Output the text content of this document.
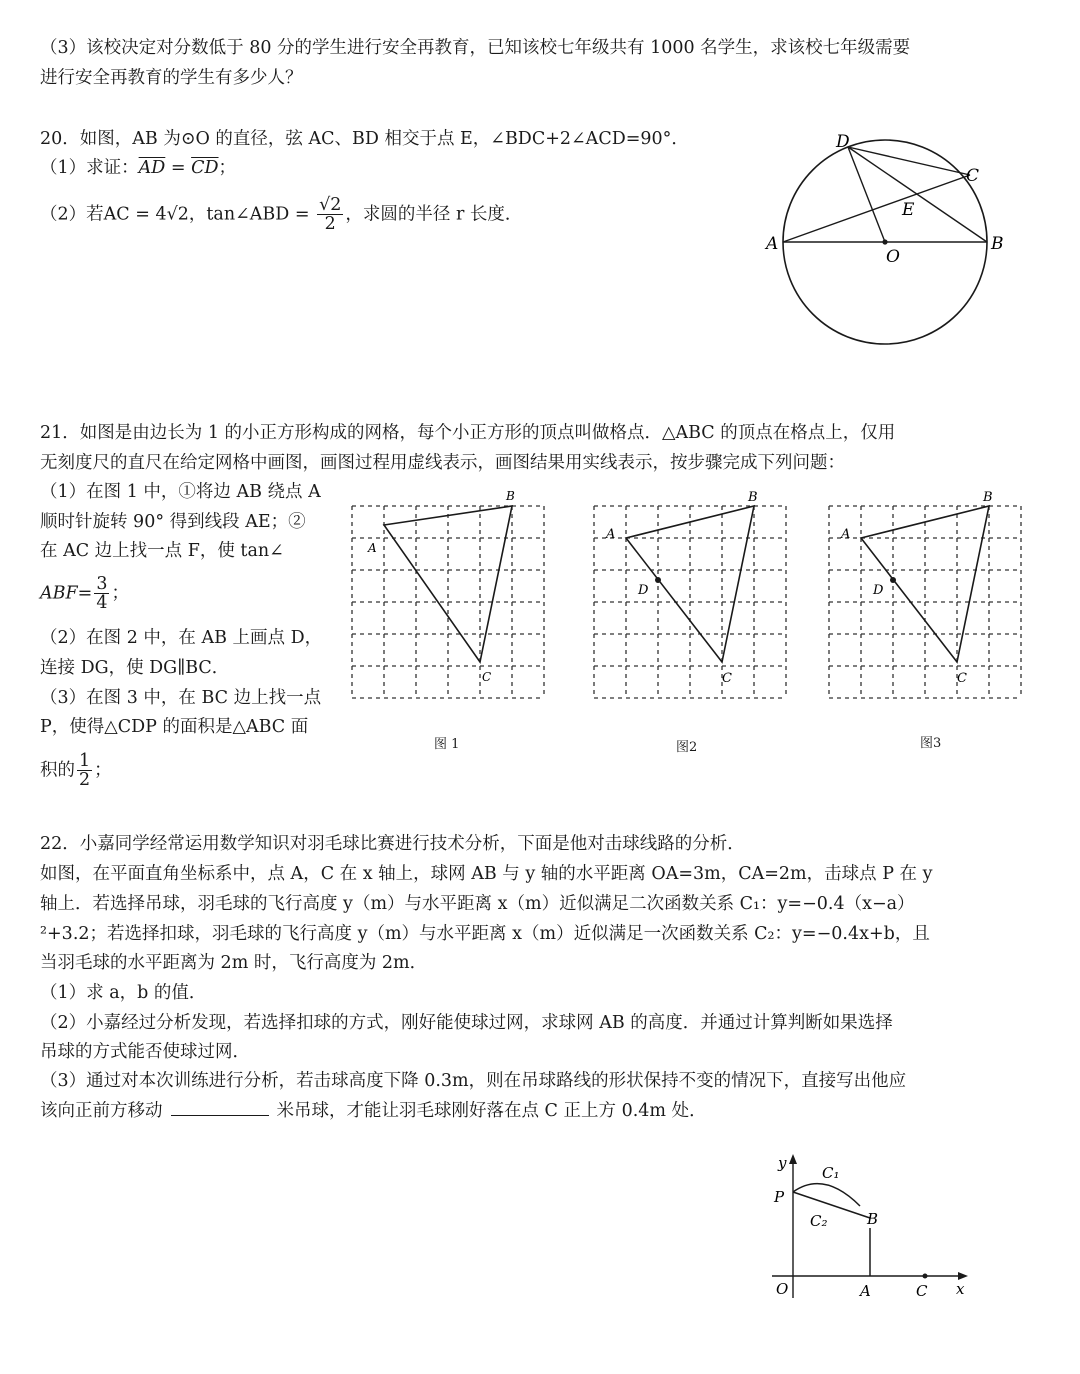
（3）该校决定对分数低于 80 分的学生进行安全再教育，已知该校七年级共有 1000 名学生，求该校七年级需要
进行安全再教育的学生有多少人？
20．如图，AB 为⊙O 的直径，弦 AC、BD 相交于点 E，∠BDC+2∠ACD=90°．
（1）求证：$\overline{AD} = \overline{CD}$；
（2）若AC = 4√2，tan∠ABD = $\frac{√2}{2}$ ，求圆的半径 r 长度．
D
C
E
A
O
B
21．如图是由边长为 1 的小正方形构成的网格，每个小正方形的顶点叫做格点．△ABC 的顶点在格点上，仅用
无刻度尺的直尺在给定网格中画图，画图过程用虚线表示，画图结果用实线表示，按步骤完成下列问题：
（1）在图 1 中，①将边 AB 绕点 A
顺时针旋转 90° 得到线段 AE；②
在 AC 边上找一点 F，使 tan∠
$ABF= \frac{3}{4}$ ；
（2）在图 2 中，在 AB 上画点 D，
连接 DG，使 DG∥BC．
（3）在图 3 中，在 BC 边上找一点
P，使得△CDP 的面积是△ABC 面
积的 $\frac{1}{2}$ ；
A
B
C
A
B
C
D
A
B
C
D
图 1	图2	图3
22．小嘉同学经常运用数学知识对羽毛球比赛进行技术分析，下面是他对击球线路的分析．
如图，在平面直角坐标系中，点 A，C 在 x 轴上，球网 AB 与 y 轴的水平距离 OA=3m，CA=2m，击球点 P 在 y
轴上．若选择吊球，羽毛球的飞行高度 y（m）与水平距离 x（m）近似满足二次函数关系 C₁：y=−0.4（x−a）
²+3.2；若选择扣球，羽毛球的飞行高度 y（m）与水平距离 x（m）近似满足一次函数关系 C₂：y=−0.4x+b，且
当羽毛球的水平距离为 2m 时，飞行高度为 2m．
（1）求 a，b 的值．
（2）小嘉经过分析发现，若选择扣球的方式，刚好能使球过网，求球网 AB 的高度．并通过计算判断如果选择
吊球的方式能否使球过网．
（3）通过对本次训练进行分析，若击球高度下降 0.3m，则在吊球路线的形状保持不变的情况下，直接写出他应
该向正前方移动	米吊球，才能让羽毛球刚好落在点 C 正上方 0.4m 处．
y
C₁
P
C₂	B
O	A	C x
